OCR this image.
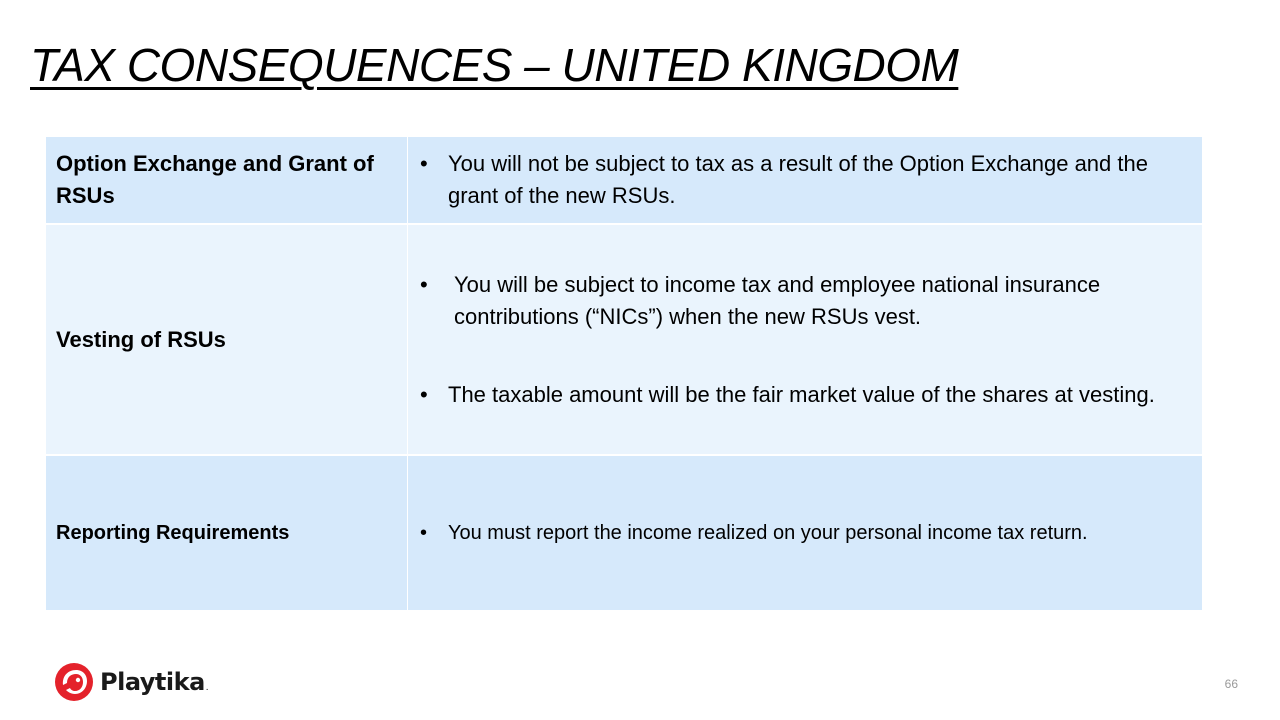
TAX CONSEQUENCES – UNITED KINGDOM
Option Exchange and Grant of RSUs	• You will not be subject to tax as a result of the Option Exchange and the grant of the new RSUs.

Vesting of RSUs	• You will be subject to income tax and employee national insurance contributions (“NICs”) when the new RSUs vest.
• The taxable amount will be the fair market value of the shares at vesting.

Reporting Requirements	• You must report the income realized on your personal income tax return.
Playtika .	66
